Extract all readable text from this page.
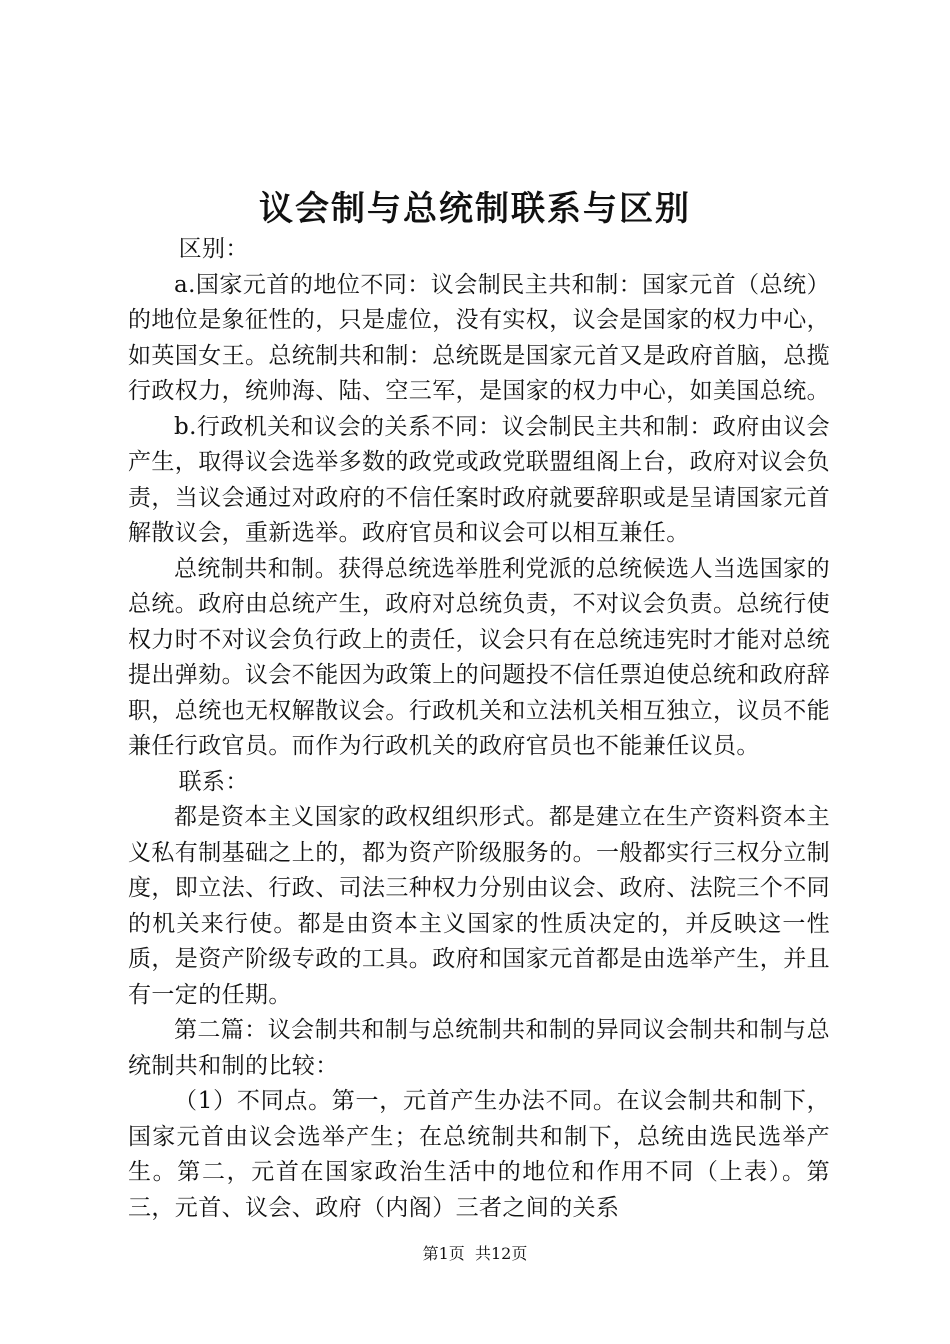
议会制与总统制联系与区别

区别：

a.国家元首的地位不同：议会制民主共和制：国家元首（总统）的地位是象征性的，只是虚位，没有实权，议会是国家的权力中心，如英国女王。总统制共和制：总统既是国家元首又是政府首脑，总揽行政权力，统帅海、陆、空三军，是国家的权力中心，如美国总统。

b.行政机关和议会的关系不同：议会制民主共和制：政府由议会产生，取得议会选举多数的政党或政党联盟组阁上台，政府对议会负责，当议会通过对政府的不信任案时政府就要辞职或是呈请国家元首解散议会，重新选举。政府官员和议会可以相互兼任。

总统制共和制。获得总统选举胜利党派的总统候选人当选国家的总统。政府由总统产生，政府对总统负责，不对议会负责。总统行使权力时不对议会负行政上的责任，议会只有在总统违宪时才能对总统提出弹劾。议会不能因为政策上的问题投不信任票迫使总统和政府辞职，总统也无权解散议会。行政机关和立法机关相互独立，议员不能兼任行政官员。而作为行政机关的政府官员也不能兼任议员。

联系：

都是资本主义国家的政权组织形式。都是建立在生产资料资本主义私有制基础之上的，都为资产阶级服务的。一般都实行三权分立制度，即立法、行政、司法三种权力分别由议会、政府、法院三个不同的机关来行使。都是由资本主义国家的性质决定的，并反映这一性质，是资产阶级专政的工具。政府和国家元首都是由选举产生，并且有一定的任期。

第二篇：议会制共和制与总统制共和制的异同议会制共和制与总统制共和制的比较：

（1）不同点。第一，元首产生办法不同。在议会制共和制下，国家元首由议会选举产生；在总统制共和制下，总统由选民选举产生。第二，元首在国家政治生活中的地位和作用不同（上表）。第三，元首、议会、政府（内阁）三者之间的关系

第1页 共12页
